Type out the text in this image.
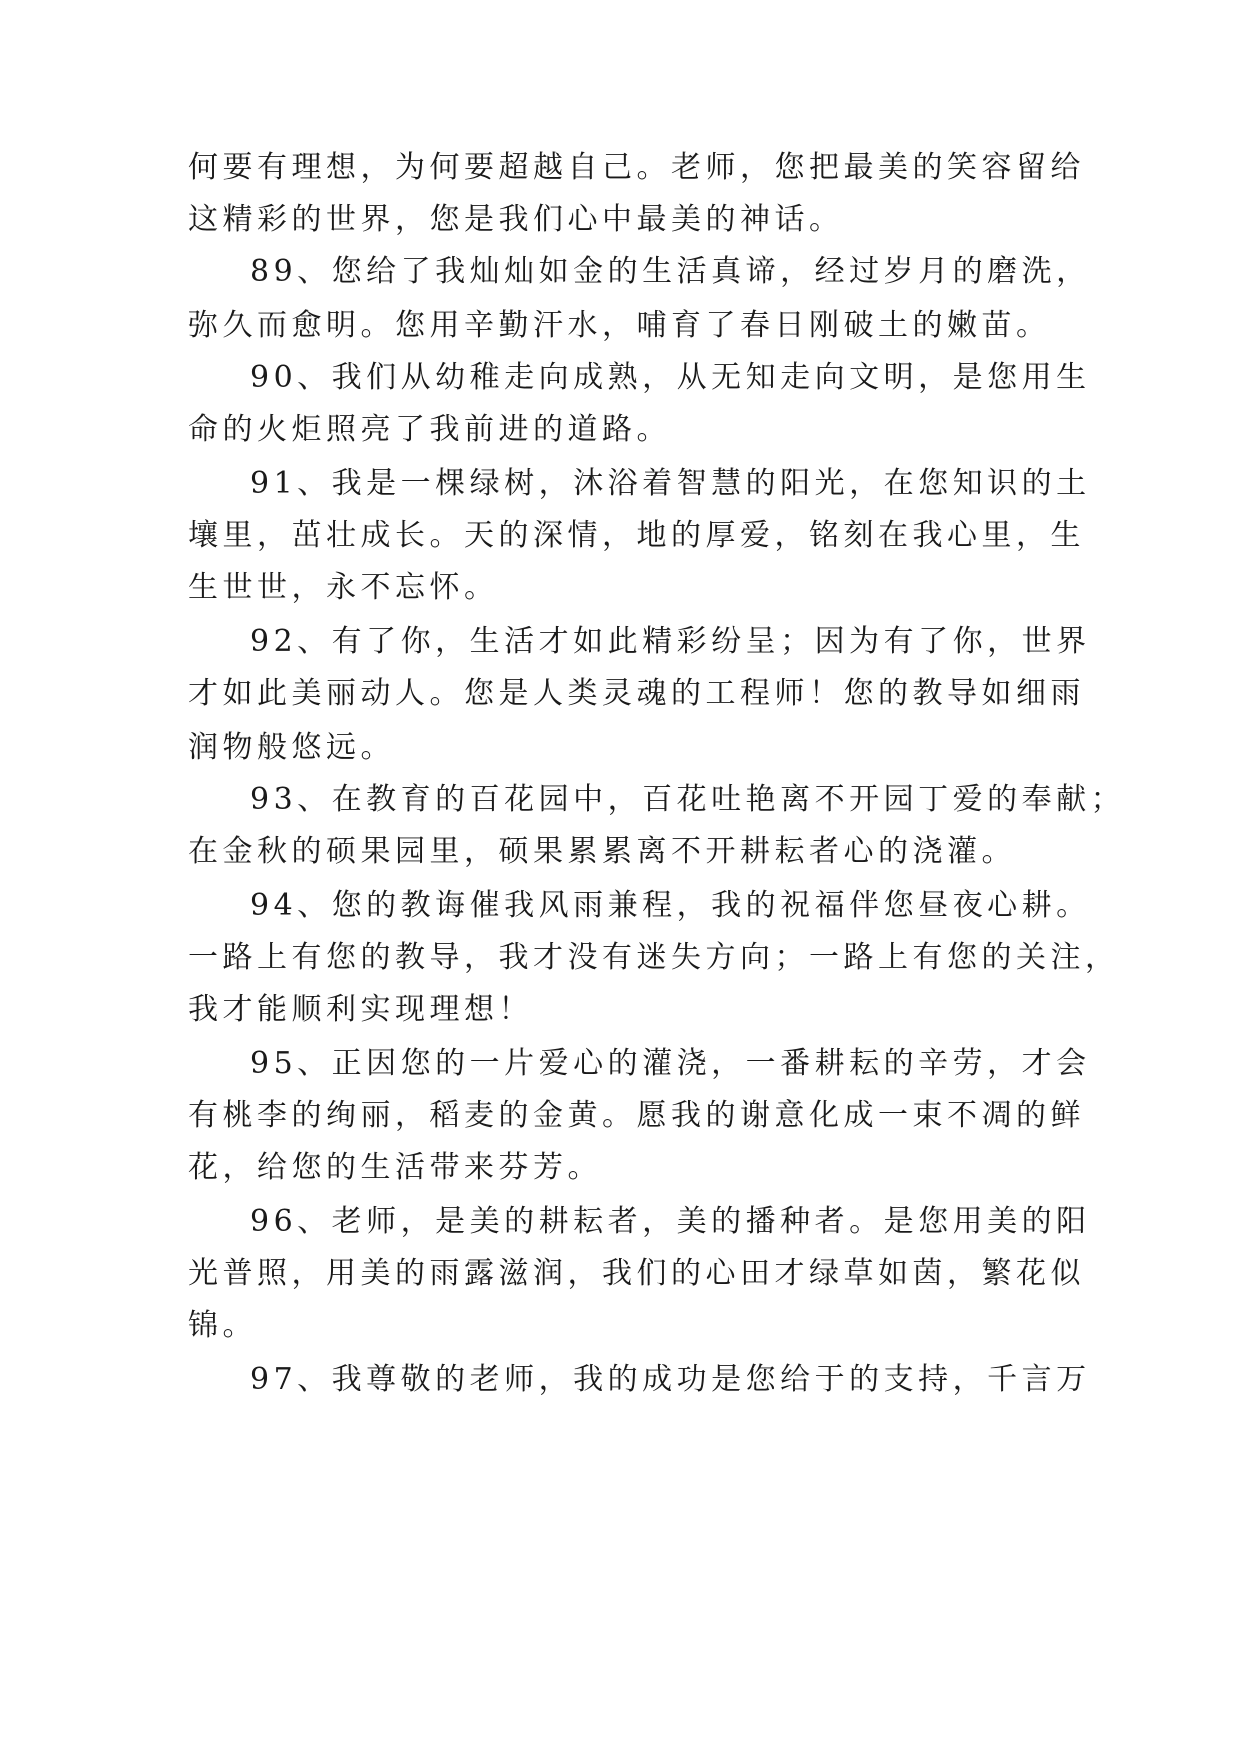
何要有理想，为何要超越自己。老师，您把最美的笑容留给
这精彩的世界，您是我们心中最美的神话。
89、您给了我灿灿如金的生活真谛，经过岁月的磨洗，
弥久而愈明。您用辛勤汗水，哺育了春日刚破土的嫩苗。
90、我们从幼稚走向成熟，从无知走向文明，是您用生
命的火炬照亮了我前进的道路。
91、我是一棵绿树，沐浴着智慧的阳光，在您知识的土
壤里，茁壮成长。天的深情，地的厚爱，铭刻在我心里，生
生世世，永不忘怀。
92、有了你，生活才如此精彩纷呈；因为有了你，世界
才如此美丽动人。您是人类灵魂的工程师！您的教导如细雨
润物般悠远。
93、在教育的百花园中，百花吐艳离不开园丁爱的奉献；
在金秋的硕果园里，硕果累累离不开耕耘者心的浇灌。
94、您的教诲催我风雨兼程，我的祝福伴您昼夜心耕。
一路上有您的教导，我才没有迷失方向；一路上有您的关注，
我才能顺利实现理想！
95、正因您的一片爱心的灌浇，一番耕耘的辛劳，才会
有桃李的绚丽，稻麦的金黄。愿我的谢意化成一束不凋的鲜
花，给您的生活带来芬芳。
96、老师，是美的耕耘者，美的播种者。是您用美的阳
光普照，用美的雨露滋润，我们的心田才绿草如茵，繁花似
锦。
97、我尊敬的老师，我的成功是您给于的支持，千言万
